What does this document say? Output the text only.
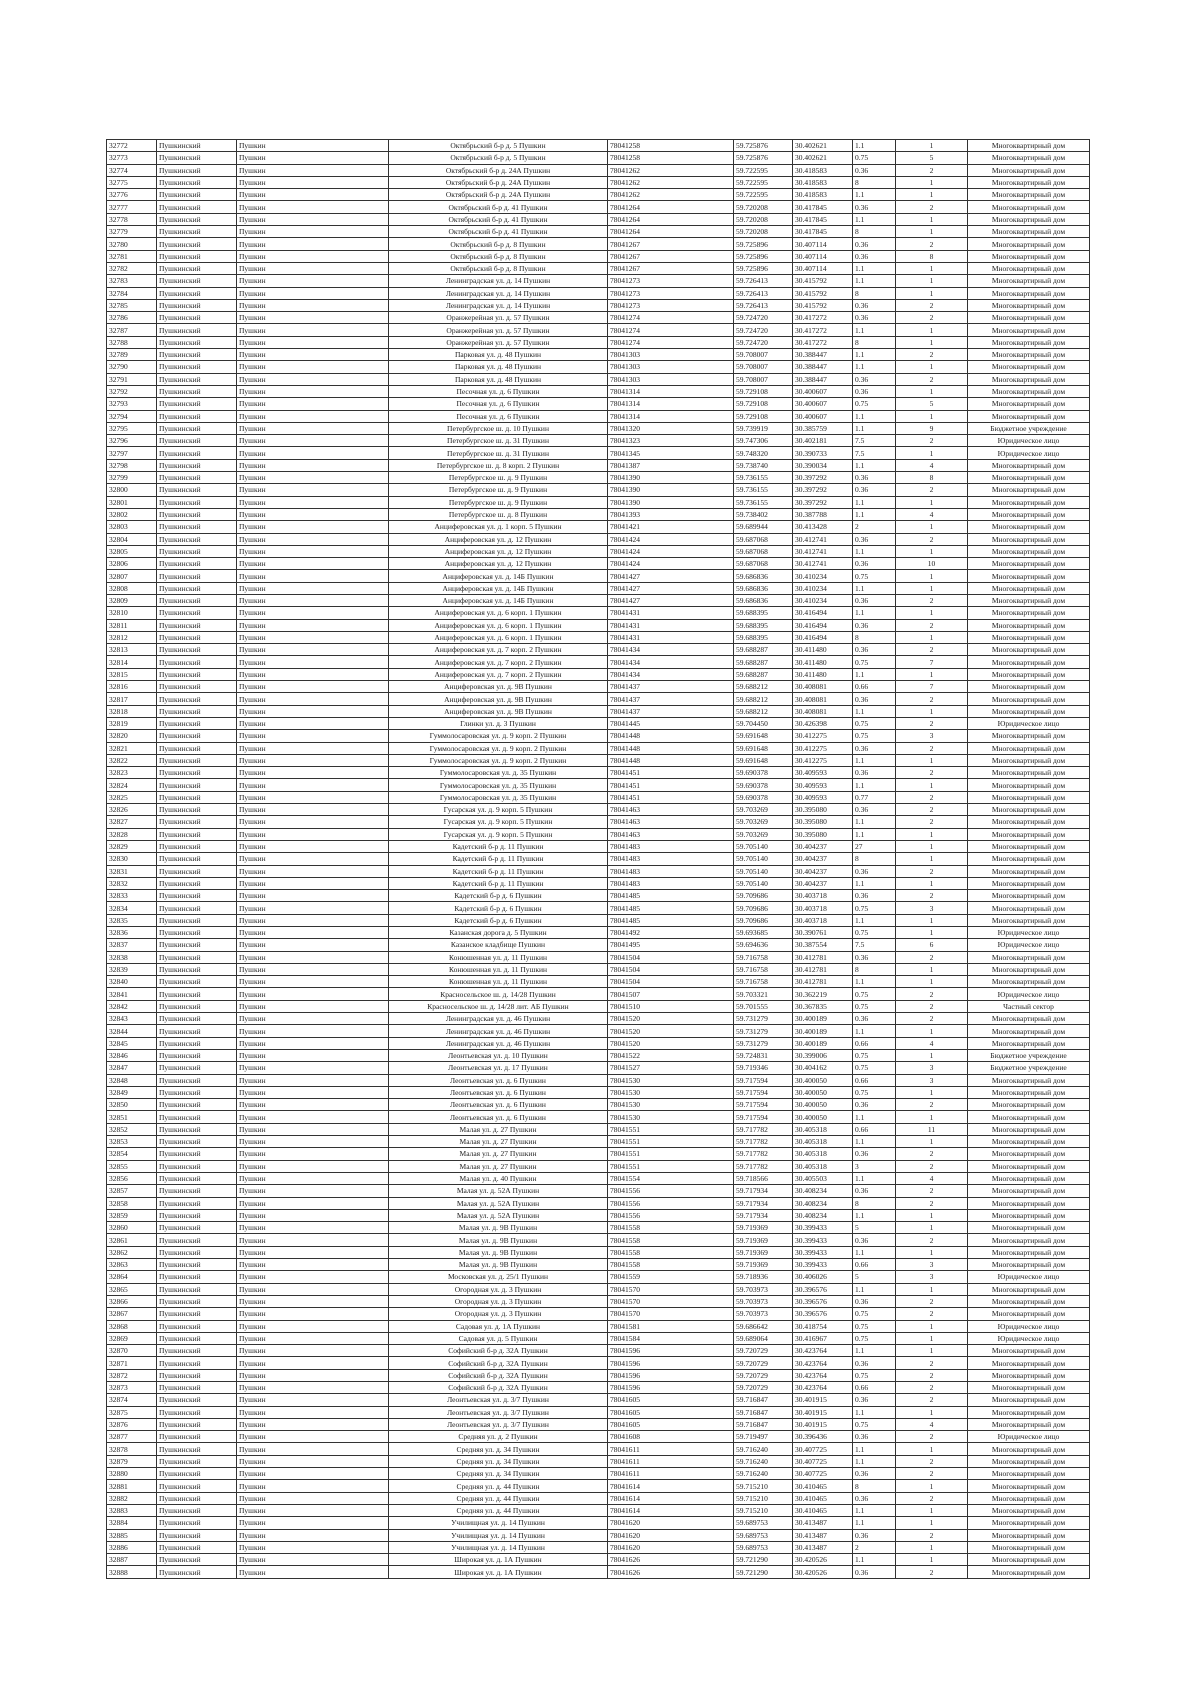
32772	Пушкинский	Пушкин	Октябрьский б-р д. 5 Пушкин	78041258	59.725876	30.402621	1.1	1	Многоквартирный дом
32773	Пушкинский	Пушкин	Октябрьский б-р д. 5 Пушкин	78041258	59.725876	30.402621	0.75	5	Многоквартирный дом
32774	Пушкинский	Пушкин	Октябрьский б-р д. 24А Пушкин	78041262	59.722595	30.418583	0.36	2	Многоквартирный дом
32775	Пушкинский	Пушкин	Октябрьский б-р д. 24А Пушкин	78041262	59.722595	30.418583	8	1	Многоквартирный дом
32776	Пушкинский	Пушкин	Октябрьский б-р д. 24А Пушкин	78041262	59.722595	30.418583	1.1	1	Многоквартирный дом
32777	Пушкинский	Пушкин	Октябрьский б-р д. 41 Пушкин	78041264	59.720208	30.417845	0.36	2	Многоквартирный дом
32778	Пушкинский	Пушкин	Октябрьский б-р д. 41 Пушкин	78041264	59.720208	30.417845	1.1	1	Многоквартирный дом
32779	Пушкинский	Пушкин	Октябрьский б-р д. 41 Пушкин	78041264	59.720208	30.417845	8	1	Многоквартирный дом
32780	Пушкинский	Пушкин	Октябрьский б-р д. 8 Пушкин	78041267	59.725896	30.407114	0.36	2	Многоквартирный дом
32781	Пушкинский	Пушкин	Октябрьский б-р д. 8 Пушкин	78041267	59.725896	30.407114	0.36	8	Многоквартирный дом
32782	Пушкинский	Пушкин	Октябрьский б-р д. 8 Пушкин	78041267	59.725896	30.407114	1.1	1	Многоквартирный дом
32783	Пушкинский	Пушкин	Ленинградская ул. д. 14 Пушкин	78041273	59.726413	30.415792	1.1	1	Многоквартирный дом
32784	Пушкинский	Пушкин	Ленинградская ул. д. 14 Пушкин	78041273	59.726413	30.415792	8	1	Многоквартирный дом
32785	Пушкинский	Пушкин	Ленинградская ул. д. 14 Пушкин	78041273	59.726413	30.415792	0.36	2	Многоквартирный дом
32786	Пушкинский	Пушкин	Оранжерейная ул. д. 57 Пушкин	78041274	59.724720	30.417272	0.36	2	Многоквартирный дом
32787	Пушкинский	Пушкин	Оранжерейная ул. д. 57 Пушкин	78041274	59.724720	30.417272	1.1	1	Многоквартирный дом
32788	Пушкинский	Пушкин	Оранжерейная ул. д. 57 Пушкин	78041274	59.724720	30.417272	8	1	Многоквартирный дом
32789	Пушкинский	Пушкин	Парковая ул. д. 48 Пушкин	78041303	59.708007	30.388447	1.1	2	Многоквартирный дом
32790	Пушкинский	Пушкин	Парковая ул. д. 48 Пушкин	78041303	59.708007	30.388447	1.1	1	Многоквартирный дом
32791	Пушкинский	Пушкин	Парковая ул. д. 48 Пушкин	78041303	59.708007	30.388447	0.36	2	Многоквартирный дом
32792	Пушкинский	Пушкин	Песочная ул. д. 6 Пушкин	78041314	59.729108	30.400607	0.36	1	Многоквартирный дом
32793	Пушкинский	Пушкин	Песочная ул. д. 6 Пушкин	78041314	59.729108	30.400607	0.75	5	Многоквартирный дом
32794	Пушкинский	Пушкин	Песочная ул. д. 6 Пушкин	78041314	59.729108	30.400607	1.1	1	Многоквартирный дом
32795	Пушкинский	Пушкин	Петербургское ш. д. 10 Пушкин	78041320	59.739919	30.385759	1.1	9	Бюджетное учреждение
32796	Пушкинский	Пушкин	Петербургское ш. д. 31 Пушкин	78041323	59.747306	30.402181	7.5	2	Юридическое лицо
32797	Пушкинский	Пушкин	Петербургское ш. д. 31 Пушкин	78041345	59.748320	30.390733	7.5	1	Юридическое лицо
32798	Пушкинский	Пушкин	Петербургское ш. д. 8 корп. 2 Пушкин	78041387	59.738740	30.390034	1.1	4	Многоквартирный дом
32799	Пушкинский	Пушкин	Петербургское ш. д. 9 Пушкин	78041390	59.736155	30.397292	0.36	8	Многоквартирный дом
32800	Пушкинский	Пушкин	Петербургское ш. д. 9 Пушкин	78041390	59.736155	30.397292	0.36	2	Многоквартирный дом
32801	Пушкинский	Пушкин	Петербургское ш. д. 9 Пушкин	78041390	59.736155	30.397292	1.1	1	Многоквартирный дом
32802	Пушкинский	Пушкин	Петербургское ш. д. 8 Пушкин	78041393	59.738402	30.387788	1.1	4	Многоквартирный дом
32803	Пушкинский	Пушкин	Анциферовская ул. д. 1 корп. 5 Пушкин	78041421	59.689944	30.413428	2	1	Многоквартирный дом
32804	Пушкинский	Пушкин	Анциферовская ул. д. 12 Пушкин	78041424	59.687068	30.412741	0.36	2	Многоквартирный дом
32805	Пушкинский	Пушкин	Анциферовская ул. д. 12 Пушкин	78041424	59.687068	30.412741	1.1	1	Многоквартирный дом
32806	Пушкинский	Пушкин	Анциферовская ул. д. 12 Пушкин	78041424	59.687068	30.412741	0.36	10	Многоквартирный дом
32807	Пушкинский	Пушкин	Анциферовская ул. д. 14Б Пушкин	78041427	59.686836	30.410234	0.75	1	Многоквартирный дом
32808	Пушкинский	Пушкин	Анциферовская ул. д. 14Б Пушкин	78041427	59.686836	30.410234	1.1	1	Многоквартирный дом
32809	Пушкинский	Пушкин	Анциферовская ул. д. 14Б Пушкин	78041427	59.686836	30.410234	0.36	2	Многоквартирный дом
32810	Пушкинский	Пушкин	Анциферовская ул. д. 6 корп. 1 Пушкин	78041431	59.688395	30.416494	1.1	1	Многоквартирный дом
32811	Пушкинский	Пушкин	Анциферовская ул. д. 6 корп. 1 Пушкин	78041431	59.688395	30.416494	0.36	2	Многоквартирный дом
32812	Пушкинский	Пушкин	Анциферовская ул. д. 6 корп. 1 Пушкин	78041431	59.688395	30.416494	8	1	Многоквартирный дом
32813	Пушкинский	Пушкин	Анциферовская ул. д. 7 корп. 2 Пушкин	78041434	59.688287	30.411480	0.36	2	Многоквартирный дом
32814	Пушкинский	Пушкин	Анциферовская ул. д. 7 корп. 2 Пушкин	78041434	59.688287	30.411480	0.75	7	Многоквартирный дом
32815	Пушкинский	Пушкин	Анциферовская ул. д. 7 корп. 2 Пушкин	78041434	59.688287	30.411480	1.1	1	Многоквартирный дом
32816	Пушкинский	Пушкин	Анциферовская ул. д. 9В Пушкин	78041437	59.688212	30.408081	0.66	7	Многоквартирный дом
32817	Пушкинский	Пушкин	Анциферовская ул. д. 9В Пушкин	78041437	59.688212	30.408081	0.36	2	Многоквартирный дом
32818	Пушкинский	Пушкин	Анциферовская ул. д. 9В Пушкин	78041437	59.688212	30.408081	1.1	1	Многоквартирный дом
32819	Пушкинский	Пушкин	Глинки ул. д. 3 Пушкин	78041445	59.704450	30.426398	0.75	2	Юридическое лицо
32820	Пушкинский	Пушкин	Гуммолосаровская ул. д. 9 корп. 2 Пушкин	78041448	59.691648	30.412275	0.75	3	Многоквартирный дом
32821	Пушкинский	Пушкин	Гуммолосаровская ул. д. 9 корп. 2 Пушкин	78041448	59.691648	30.412275	0.36	2	Многоквартирный дом
32822	Пушкинский	Пушкин	Гуммолосаровская ул. д. 9 корп. 2 Пушкин	78041448	59.691648	30.412275	1.1	1	Многоквартирный дом
32823	Пушкинский	Пушкин	Гуммолосаровская ул. д. 35 Пушкин	78041451	59.690378	30.409593	0.36	2	Многоквартирный дом
32824	Пушкинский	Пушкин	Гуммолосаровская ул. д. 35 Пушкин	78041451	59.690378	30.409593	1.1	1	Многоквартирный дом
32825	Пушкинский	Пушкин	Гуммолосаровская ул. д. 35 Пушкин	78041451	59.690378	30.409593	0.77	2	Многоквартирный дом
32826	Пушкинский	Пушкин	Гусарская ул. д. 9 корп. 5 Пушкин	78041463	59.703269	30.395080	0.36	2	Многоквартирный дом
32827	Пушкинский	Пушкин	Гусарская ул. д. 9 корп. 5 Пушкин	78041463	59.703269	30.395080	1.1	2	Многоквартирный дом
32828	Пушкинский	Пушкин	Гусарская ул. д. 9 корп. 5 Пушкин	78041463	59.703269	30.395080	1.1	1	Многоквартирный дом
32829	Пушкинский	Пушкин	Кадетский б-р д. 11 Пушкин	78041483	59.705140	30.404237	27	1	Многоквартирный дом
32830	Пушкинский	Пушкин	Кадетский б-р д. 11 Пушкин	78041483	59.705140	30.404237	8	1	Многоквартирный дом
32831	Пушкинский	Пушкин	Кадетский б-р д. 11 Пушкин	78041483	59.705140	30.404237	0.36	2	Многоквартирный дом
32832	Пушкинский	Пушкин	Кадетский б-р д. 11 Пушкин	78041483	59.705140	30.404237	1.1	1	Многоквартирный дом
32833	Пушкинский	Пушкин	Кадетский б-р д. 6 Пушкин	78041485	59.709686	30.403718	0.36	2	Многоквартирный дом
32834	Пушкинский	Пушкин	Кадетский б-р д. 6 Пушкин	78041485	59.709686	30.403718	0.75	3	Многоквартирный дом
32835	Пушкинский	Пушкин	Кадетский б-р д. 6 Пушкин	78041485	59.709686	30.403718	1.1	1	Многоквартирный дом
32836	Пушкинский	Пушкин	Казанская дорога д. 5 Пушкин	78041492	59.693685	30.390761	0.75	1	Юридическое лицо
32837	Пушкинский	Пушкин	Казанское кладбище Пушкин	78041495	59.694636	30.387554	7.5	6	Юридическое лицо
32838	Пушкинский	Пушкин	Конюшенная ул. д. 11 Пушкин	78041504	59.716758	30.412781	0.36	2	Многоквартирный дом
32839	Пушкинский	Пушкин	Конюшенная ул. д. 11 Пушкин	78041504	59.716758	30.412781	8	1	Многоквартирный дом
32840	Пушкинский	Пушкин	Конюшенная ул. д. 11 Пушкин	78041504	59.716758	30.412781	1.1	1	Многоквартирный дом
32841	Пушкинский	Пушкин	Красносельское ш. д. 14/28 Пушкин	78041507	59.703321	30.362219	0.75	2	Юридическое лицо
32842	Пушкинский	Пушкин	Красносельское ш. д. 14/28 лит. АБ Пушкин	78041510	59.701555	30.367835	0.75	2	Частный сектор
32843	Пушкинский	Пушкин	Ленинградская ул. д. 46 Пушкин	78041520	59.731279	30.400189	0.36	2	Многоквартирный дом
32844	Пушкинский	Пушкин	Ленинградская ул. д. 46 Пушкин	78041520	59.731279	30.400189	1.1	1	Многоквартирный дом
32845	Пушкинский	Пушкин	Ленинградская ул. д. 46 Пушкин	78041520	59.731279	30.400189	0.66	4	Многоквартирный дом
32846	Пушкинский	Пушкин	Леонтьевская ул. д. 10 Пушкин	78041522	59.724831	30.399006	0.75	1	Бюджетное учреждение
32847	Пушкинский	Пушкин	Леонтьевская ул. д. 17 Пушкин	78041527	59.719346	30.404162	0.75	3	Бюджетное учреждение
32848	Пушкинский	Пушкин	Леонтьевская ул. д. 6 Пушкин	78041530	59.717594	30.400050	0.66	3	Многоквартирный дом
32849	Пушкинский	Пушкин	Леонтьевская ул. д. 6 Пушкин	78041530	59.717594	30.400050	0.75	1	Многоквартирный дом
32850	Пушкинский	Пушкин	Леонтьевская ул. д. 6 Пушкин	78041530	59.717594	30.400050	0.36	2	Многоквартирный дом
32851	Пушкинский	Пушкин	Леонтьевская ул. д. 6 Пушкин	78041530	59.717594	30.400050	1.1	1	Многоквартирный дом
32852	Пушкинский	Пушкин	Малая ул. д. 27 Пушкин	78041551	59.717782	30.405318	0.66	11	Многоквартирный дом
32853	Пушкинский	Пушкин	Малая ул. д. 27 Пушкин	78041551	59.717782	30.405318	1.1	1	Многоквартирный дом
32854	Пушкинский	Пушкин	Малая ул. д. 27 Пушкин	78041551	59.717782	30.405318	0.36	2	Многоквартирный дом
32855	Пушкинский	Пушкин	Малая ул. д. 27 Пушкин	78041551	59.717782	30.405318	3	2	Многоквартирный дом
32856	Пушкинский	Пушкин	Малая ул. д. 40 Пушкин	78041554	59.718566	30.405503	1.1	4	Многоквартирный дом
32857	Пушкинский	Пушкин	Малая ул. д. 52А Пушкин	78041556	59.717934	30.408234	0.36	2	Многоквартирный дом
32858	Пушкинский	Пушкин	Малая ул. д. 52А Пушкин	78041556	59.717934	30.408234	8	2	Многоквартирный дом
32859	Пушкинский	Пушкин	Малая ул. д. 52А Пушкин	78041556	59.717934	30.408234	1.1	1	Многоквартирный дом
32860	Пушкинский	Пушкин	Малая ул. д. 9В Пушкин	78041558	59.719369	30.399433	5	1	Многоквартирный дом
32861	Пушкинский	Пушкин	Малая ул. д. 9В Пушкин	78041558	59.719369	30.399433	0.36	2	Многоквартирный дом
32862	Пушкинский	Пушкин	Малая ул. д. 9В Пушкин	78041558	59.719369	30.399433	1.1	1	Многоквартирный дом
32863	Пушкинский	Пушкин	Малая ул. д. 9В Пушкин	78041558	59.719369	30.399433	0.66	3	Многоквартирный дом
32864	Пушкинский	Пушкин	Московская ул. д. 25/1 Пушкин	78041559	59.718936	30.406026	5	3	Юридическое лицо
32865	Пушкинский	Пушкин	Огородная ул. д. 3 Пушкин	78041570	59.703973	30.396576	1.1	1	Многоквартирный дом
32866	Пушкинский	Пушкин	Огородная ул. д. 3 Пушкин	78041570	59.703973	30.396576	0.36	2	Многоквартирный дом
32867	Пушкинский	Пушкин	Огородная ул. д. 3 Пушкин	78041570	59.703973	30.396576	0.75	2	Многоквартирный дом
32868	Пушкинский	Пушкин	Садовая ул. д. 1А Пушкин	78041581	59.686642	30.418754	0.75	1	Юридическое лицо
32869	Пушкинский	Пушкин	Садовая ул. д. 5 Пушкин	78041584	59.689064	30.416967	0.75	1	Юридическое лицо
32870	Пушкинский	Пушкин	Софийский б-р д. 32А Пушкин	78041596	59.720729	30.423764	1.1	1	Многоквартирный дом
32871	Пушкинский	Пушкин	Софийский б-р д. 32А Пушкин	78041596	59.720729	30.423764	0.36	2	Многоквартирный дом
32872	Пушкинский	Пушкин	Софийский б-р д. 32А Пушкин	78041596	59.720729	30.423764	0.75	2	Многоквартирный дом
32873	Пушкинский	Пушкин	Софийский б-р д. 32А Пушкин	78041596	59.720729	30.423764	0.66	2	Многоквартирный дом
32874	Пушкинский	Пушкин	Леонтьевская ул. д. 3/7 Пушкин	78041605	59.716847	30.401915	0.36	2	Многоквартирный дом
32875	Пушкинский	Пушкин	Леонтьевская ул. д. 3/7 Пушкин	78041605	59.716847	30.401915	1.1	1	Многоквартирный дом
32876	Пушкинский	Пушкин	Леонтьевская ул. д. 3/7 Пушкин	78041605	59.716847	30.401915	0.75	4	Многоквартирный дом
32877	Пушкинский	Пушкин	Средняя ул. д. 2 Пушкин	78041608	59.719497	30.396436	0.36	2	Юридическое лицо
32878	Пушкинский	Пушкин	Средняя ул. д. 34 Пушкин	78041611	59.716240	30.407725	1.1	1	Многоквартирный дом
32879	Пушкинский	Пушкин	Средняя ул. д. 34 Пушкин	78041611	59.716240	30.407725	1.1	2	Многоквартирный дом
32880	Пушкинский	Пушкин	Средняя ул. д. 34 Пушкин	78041611	59.716240	30.407725	0.36	2	Многоквартирный дом
32881	Пушкинский	Пушкин	Средняя ул. д. 44 Пушкин	78041614	59.715210	30.410465	8	1	Многоквартирный дом
32882	Пушкинский	Пушкин	Средняя ул. д. 44 Пушкин	78041614	59.715210	30.410465	0.36	2	Многоквартирный дом
32883	Пушкинский	Пушкин	Средняя ул. д. 44 Пушкин	78041614	59.715210	30.410465	1.1	1	Многоквартирный дом
32884	Пушкинский	Пушкин	Училищная ул. д. 14 Пушкин	78041620	59.689753	30.413487	1.1	1	Многоквартирный дом
32885	Пушкинский	Пушкин	Училищная ул. д. 14 Пушкин	78041620	59.689753	30.413487	0.36	2	Многоквартирный дом
32886	Пушкинский	Пушкин	Училищная ул. д. 14 Пушкин	78041620	59.689753	30.413487	2	1	Многоквартирный дом
32887	Пушкинский	Пушкин	Широкая ул. д. 1А Пушкин	78041626	59.721290	30.420526	1.1	1	Многоквартирный дом
32888	Пушкинский	Пушкин	Широкая ул. д. 1А Пушкин	78041626	59.721290	30.420526	0.36	2	Многоквартирный дом
